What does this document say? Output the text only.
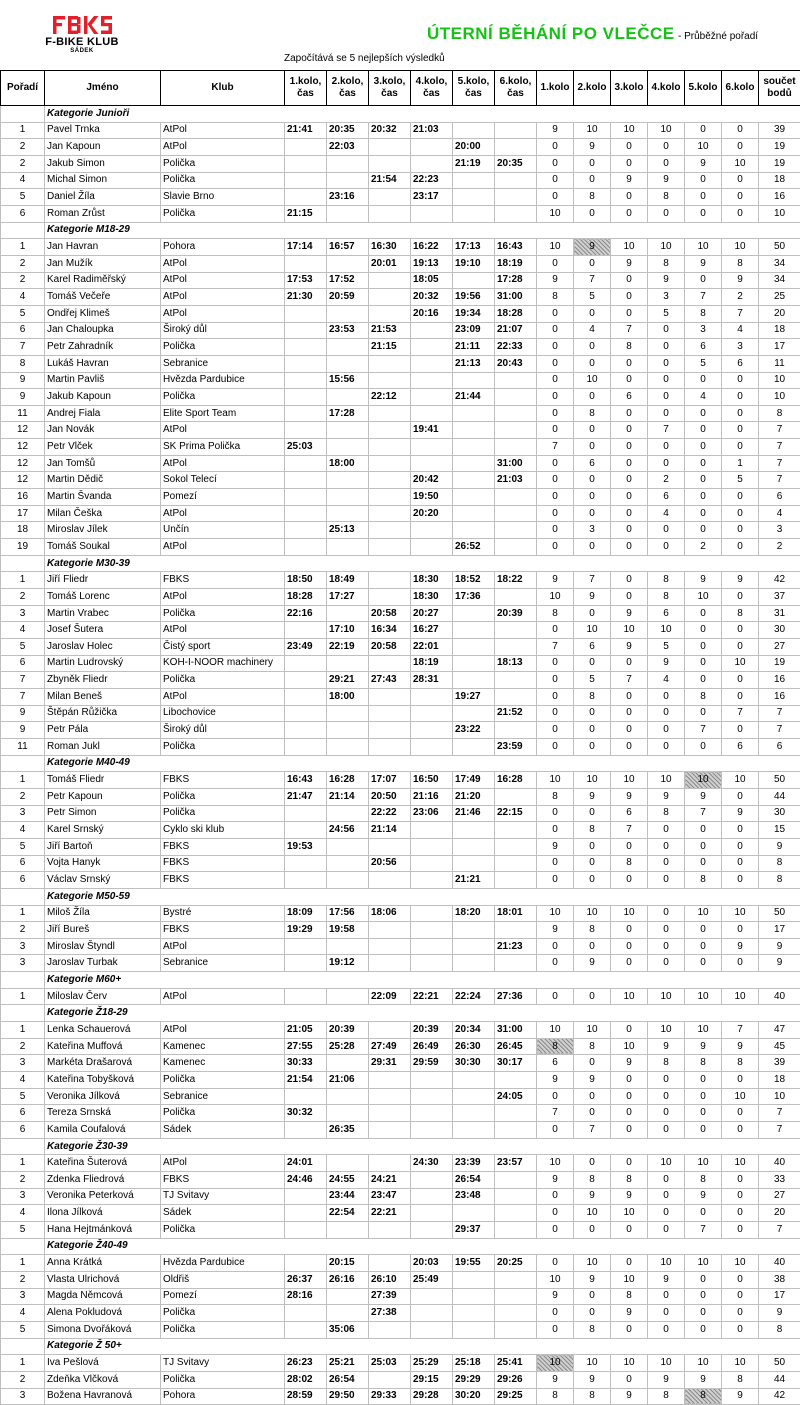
F-BIKE KLUB
SÁDEK
ÚTERNÍ BĚHÁNÍ PO VLEČCE - Průběžné pořadí
Započítává se 5 nejlepších výsledků
Pořadí	Jméno	Klub	1.kolo, čas	2.kolo, čas	3.kolo, čas	4.kolo, čas	5.kolo, čas	6.kolo, čas	1.kolo	2.kolo	3.kolo	4.kolo	5.kolo	6.kolo	součet bodů
	Kategorie Junioři														
1	Pavel Trnka	AtPol	21:41	20:35	20:32	21:03			9	10	10	10	0	0	39
2	Jan Kapoun	AtPol		22:03			20:00		0	9	0	0	10	0	19
2	Jakub Simon	Polička					21:19	20:35	0	0	0	0	9	10	19
4	Michal Simon	Polička			21:54	22:23			0	0	9	9	0	0	18
5	Daniel Žíla	Slavie Brno		23:16		23:17			0	8	0	8	0	0	16
6	Roman Zrůst	Polička	21:15						10	0	0	0	0	0	10
	Kategorie M18-29														
1	Jan Havran	Pohora	17:14	16:57	16:30	16:22	17:13	16:43	10	9	10	10	10	10	50
2	Jan Mužík	AtPol			20:01	19:13	19:10	18:19	0	0	9	8	9	8	34
2	Karel Radiměřský	AtPol	17:53	17:52		18:05		17:28	9	7	0	9	0	9	34
4	Tomáš Večeře	AtPol	21:30	20:59		20:32	19:56	31:00	8	5	0	3	7	2	25
5	Ondřej Klimeš	AtPol				20:16	19:34	18:28	0	0	0	5	8	7	20
6	Jan Chaloupka	Široký důl		23:53	21:53		23:09	21:07	0	4	7	0	3	4	18
7	Petr Zahradník	Polička			21:15		21:11	22:33	0	0	8	0	6	3	17
8	Lukáš Havran	Sebranice					21:13	20:43	0	0	0	0	5	6	11
9	Martin Pavliš	Hvězda Pardubice		15:56					0	10	0	0	0	0	10
9	Jakub Kapoun	Polička			22:12		21:44		0	0	6	0	4	0	10
11	Andrej Fiala	Elite Sport Team		17:28					0	8	0	0	0	0	8
12	Jan Novák	AtPol				19:41			0	0	0	7	0	0	7
12	Petr Vlček	SK Prima Polička	25:03						7	0	0	0	0	0	7
12	Jan Tomšů	AtPol		18:00				31:00	0	6	0	0	0	1	7
12	Martin Dědič	Sokol Telecí				20:42		21:03	0	0	0	2	0	5	7
16	Martin Švanda	Pomezí				19:50			0	0	0	6	0	0	6
17	Milan Češka	AtPol				20:20			0	0	0	4	0	0	4
18	Miroslav Jílek	Unčín		25:13					0	3	0	0	0	0	3
19	Tomáš Soukal	AtPol					26:52		0	0	0	0	2	0	2
	Kategorie M30-39														
1	Jiří Fliedr	FBKS	18:50	18:49		18:30	18:52	18:22	9	7	0	8	9	9	42
2	Tomáš Lorenc	AtPol	18:28	17:27		18:30	17:36		10	9	0	8	10	0	37
3	Martin Vrabec	Polička	22:16		20:58	20:27		20:39	8	0	9	6	0	8	31
4	Josef Šutera	AtPol		17:10	16:34	16:27			0	10	10	10	0	0	30
5	Jaroslav Holec	Čistý sport	23:49	22:19	20:58	22:01			7	6	9	5	0	0	27
6	Martin Ludrovský	KOH-I-NOOR machinery				18:19		18:13	0	0	0	9	0	10	19
7	Zbyněk Fliedr	Polička		29:21	27:43	28:31			0	5	7	4	0	0	16
7	Milan Beneš	AtPol		18:00			19:27		0	8	0	0	8	0	16
9	Štěpán Růžička	Libochovice						21:52	0	0	0	0	0	7	7
9	Petr Pála	Široký důl					23:22		0	0	0	0	7	0	7
11	Roman Jukl	Polička						23:59	0	0	0	0	0	6	6
	Kategorie M40-49														
1	Tomáš Fliedr	FBKS	16:43	16:28	17:07	16:50	17:49	16:28	10	10	10	10	10	10	50
2	Petr Kapoun	Polička	21:47	21:14	20:50	21:16	21:20		8	9	9	9	9	0	44
3	Petr Simon	Polička			22:22	23:06	21:46	22:15	0	0	6	8	7	9	30
4	Karel Srnský	Cyklo ski klub		24:56	21:14				0	8	7	0	0	0	15
5	Jiří Bartoň	FBKS	19:53						9	0	0	0	0	0	9
6	Vojta Hanyk	FBKS			20:56				0	0	8	0	0	0	8
6	Václav Srnský	FBKS					21:21		0	0	0	0	8	0	8
	Kategorie M50-59														
1	Miloš Žíla	Bystré	18:09	17:56	18:06		18:20	18:01	10	10	10	0	10	10	50
2	Jiří Bureš	FBKS	19:29	19:58					9	8	0	0	0	0	17
3	Miroslav Štyndl	AtPol						21:23	0	0	0	0	0	9	9
3	Jaroslav Turbak	Sebranice		19:12					0	9	0	0	0	0	9
	Kategorie M60+														
1	Miloslav Červ	AtPol			22:09	22:21	22:24	27:36	0	0	10	10	10	10	40
	Kategorie Ž18-29														
1	Lenka Schauerová	AtPol	21:05	20:39		20:39	20:34	31:00	10	10	0	10	10	7	47
2	Kateřina Muffová	Kamenec	27:55	25:28	27:49	26:49	26:30	26:45	8	8	10	9	9	9	45
3	Markéta Drašarová	Kamenec	30:33		29:31	29:59	30:30	30:17	6	0	9	8	8	8	39
4	Kateřina Tobyšková	Polička	21:54	21:06					9	9	0	0	0	0	18
5	Veronika Jílková	Sebranice						24:05	0	0	0	0	0	10	10
6	Tereza Srnská	Polička	30:32						7	0	0	0	0	0	7
6	Kamila Coufalová	Sádek		26:35					0	7	0	0	0	0	7
	Kategorie Ž30-39														
1	Kateřina Šuterová	AtPol	24:01			24:30	23:39	23:57	10	0	0	10	10	10	40
2	Zdenka Fliedrová	FBKS	24:46	24:55	24:21		26:54		9	8	8	0	8	0	33
3	Veronika Peterková	TJ Svitavy		23:44	23:47		23:48		0	9	9	0	9	0	27
4	Ilona Jílková	Sádek		22:54	22:21				0	10	10	0	0	0	20
5	Hana Hejtmánková	Polička					29:37		0	0	0	0	7	0	7
	Kategorie Ž40-49														
1	Anna Krátká	Hvězda Pardubice		20:15		20:03	19:55	20:25	0	10	0	10	10	10	40
2	Vlasta Ulrichová	Oldřiš	26:37	26:16	26:10	25:49			10	9	10	9	0	0	38
3	Magda Němcová	Pomezí	28:16		27:39				9	0	8	0	0	0	17
4	Alena Pokludová	Polička			27:38				0	0	9	0	0	0	9
5	Simona Dvořáková	Polička		35:06					0	8	0	0	0	0	8
	Kategorie Ž 50+														
1	Iva Pešlová	TJ Svitavy	26:23	25:21	25:03	25:29	25:18	25:41	10	10	10	10	10	10	50
2	Zdeňka Vlčková	Polička	28:02	26:54		29:15	29:29	29:26	9	9	0	9	9	8	44
3	Božena Havranová	Pohora	28:59	29:50	29:33	29:28	30:20	29:25	8	8	9	8	8	9	42
